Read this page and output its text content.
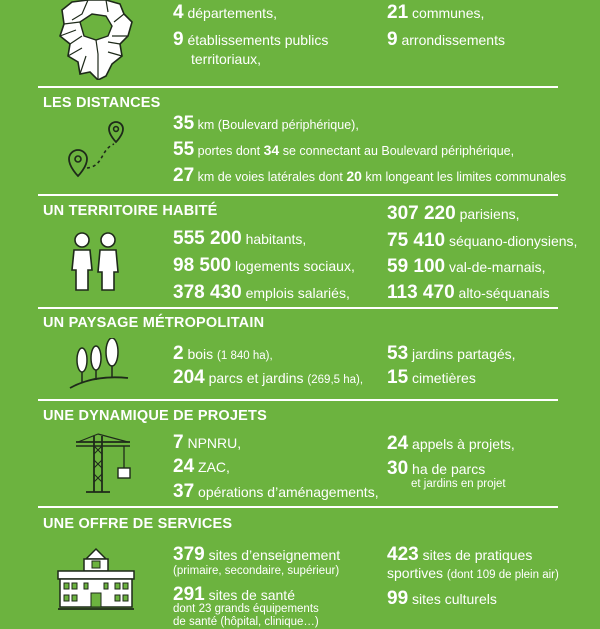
4 départements,
9 établissements publics
territoriaux,
21 communes,
9 arrondissements
LES DISTANCES
35 km (Boulevard périphérique),
55 portes dont 34 se connectant au Boulevard périphérique,
27 km de voies latérales dont 20 km longeant les limites communales
UN TERRITOIRE HABITÉ
555 200 habitants,
98 500 logements sociaux,
378 430 emplois salariés,
307 220 parisiens,
75 410 séquano-dionysiens,
59 100 val-de-marnais,
113 470 alto-séquanais
UN PAYSAGE MÉTROPOLITAIN
2 bois (1 840 ha),
204 parcs et jardins (269,5 ha),
53 jardins partagés,
15 cimetières
UNE DYNAMIQUE DE PROJETS
7 NPNRU,
24 ZAC,
37 opérations d’aménagements,
24 appels à projets,
30 ha de parcs
et jardins en projet
UNE OFFRE DE SERVICES
379 sites d’enseignement
(primaire, secondaire, supérieur)
291 sites de santé
dont 23 grands équipements
de santé (hôpital, clinique…)
423 sites de pratiques
sportives (dont 109 de plein air)
99 sites culturels
